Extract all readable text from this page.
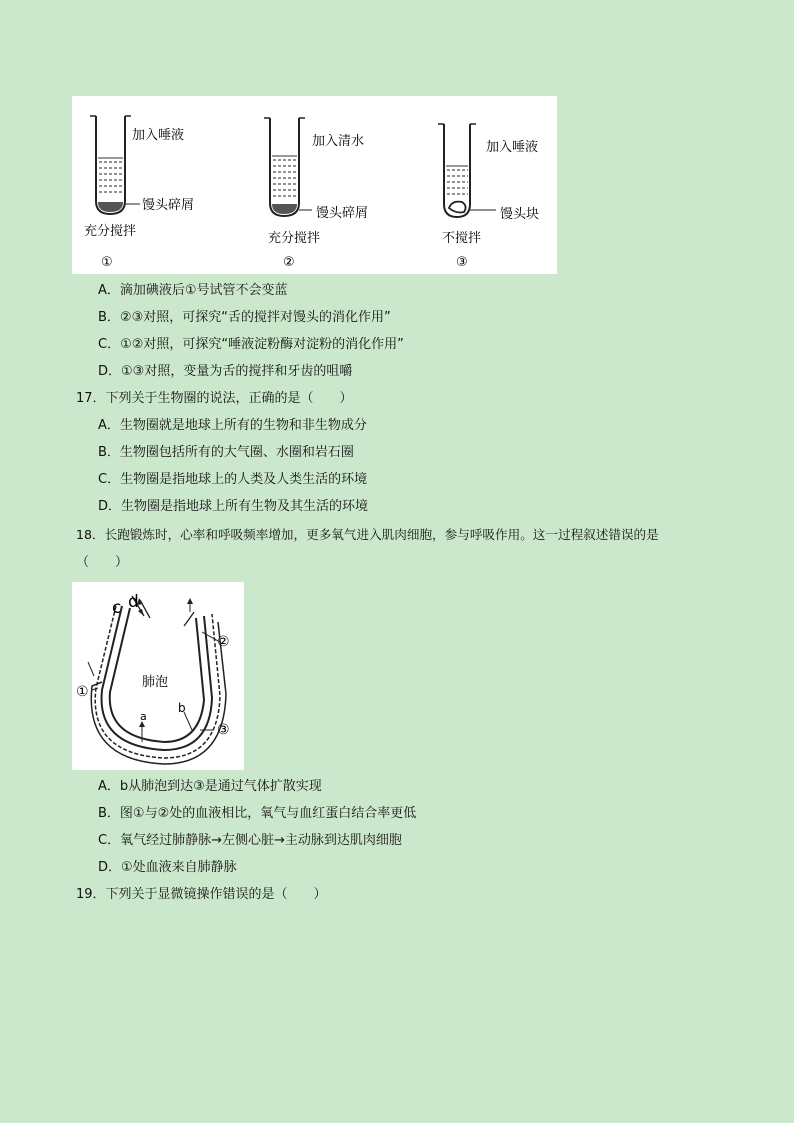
加入唾液
馒头碎屑
充分搅拌
①
加入清水
馒头碎屑
充分搅拌
②
加入唾液
馒头块
不搅拌
③
A．滴加碘液后①号试管不会变蓝
B．②③对照，可探究“舌的搅拌对馒头的消化作用”
C．①②对照，可探究“唾液淀粉酶对淀粉的消化作用”
D．①③对照，变量为舌的搅拌和牙齿的咀嚼
17．下列关于生物圈的说法，正确的是（　　）
A．生物圈就是地球上所有的生物和非生物成分
B．生物圈包括所有的大气圈、水圈和岩石圈
C．生物圈是指地球上的人类及人类生活的环境
D．生物圈是指地球上所有生物及其生活的环境
18．长跑锻炼时，心率和呼吸频率增加，更多氧气进入肌肉细胞，参与呼吸作用。这一过程叙述错误的是
（　　）
c d
肺泡
a
b
②
①
③
A．b从肺泡到达③是通过气体扩散实现
B．图①与②处的血液相比，氧气与血红蛋白结合率更低
C．氧气经过肺静脉→左侧心脏→主动脉到达肌肉细胞
D．①处血液来自肺静脉
19．下列关于显微镜操作错误的是（　　）
